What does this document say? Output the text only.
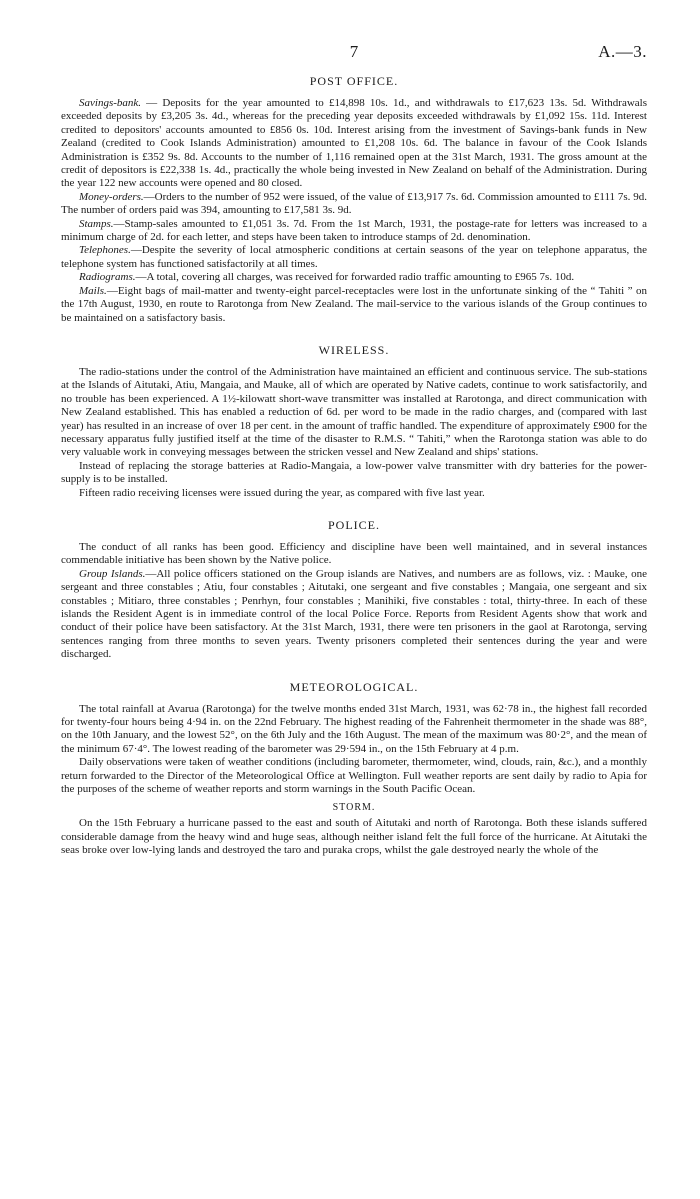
7	A.—3.
POST OFFICE.

Savings-bank. — Deposits for the year amounted to £14,898 10s. 1d., and withdrawals to £17,623 13s. 5d. Withdrawals exceeded deposits by £3,205 3s. 4d., whereas for the preceding year deposits exceeded withdrawals by £1,092 15s. 11d. Interest credited to depositors' accounts amounted to £856 0s. 10d. Interest arising from the investment of Savings-bank funds in New Zealand (credited to Cook Islands Administration) amounted to £1,208 10s. 6d. The balance in favour of the Cook Islands Administration is £352 9s. 8d. Accounts to the number of 1,116 remained open at the 31st March, 1931. The gross amount at the credit of depositors is £22,338 1s. 4d., practically the whole being invested in New Zealand on behalf of the Administration. During the year 122 new accounts were opened and 80 closed.

Money-orders.—Orders to the number of 952 were issued, of the value of £13,917 7s. 6d. Commission amounted to £111 7s. 9d. The number of orders paid was 394, amounting to £17,581 3s. 9d.

Stamps.—Stamp-sales amounted to £1,051 3s. 7d. From the 1st March, 1931, the postage-rate for letters was increased to a minimum charge of 2d. for each letter, and steps have been taken to introduce stamps of 2d. denomination.

Telephones.—Despite the severity of local atmospheric conditions at certain seasons of the year on telephone apparatus, the telephone system has functioned satisfactorily at all times.

Radiograms.—A total, covering all charges, was received for forwarded radio traffic amounting to £965 7s. 10d.

Mails.—Eight bags of mail-matter and twenty-eight parcel-receptacles were lost in the unfortunate sinking of the “ Tahiti ” on the 17th August, 1930, en route to Rarotonga from New Zealand. The mail-service to the various islands of the Group continues to be maintained on a satisfactory basis.

WIRELESS.

The radio-stations under the control of the Administration have maintained an efficient and continuous service. The sub-stations at the Islands of Aitutaki, Atiu, Mangaia, and Mauke, all of which are operated by Native cadets, continue to work satisfactorily, and no trouble has been experienced. A 1½-kilowatt short-wave transmitter was installed at Rarotonga, and direct communication with New Zealand established. This has enabled a reduction of 6d. per word to be made in the radio charges, and (compared with last year) has resulted in an increase of over 18 per cent. in the amount of traffic handled. The expenditure of approximately £900 for the necessary apparatus fully justified itself at the time of the disaster to R.M.S. “ Tahiti,” when the Rarotonga station was able to do very valuable work in conveying messages between the stricken vessel and New Zealand and ships' stations.

Instead of replacing the storage batteries at Radio-Mangaia, a low-power valve transmitter with dry batteries for the power-supply is to be installed.

Fifteen radio receiving licenses were issued during the year, as compared with five last year.

POLICE.

The conduct of all ranks has been good. Efficiency and discipline have been well maintained, and in several instances commendable initiative has been shown by the Native police.

Group Islands.—All police officers stationed on the Group islands are Natives, and numbers are as follows, viz. : Mauke, one sergeant and three constables ; Atiu, four constables ; Aitutaki, one sergeant and five constables ; Mangaia, one sergeant and six constables ; Mitiaro, three constables ; Penrhyn, four constables ; Manihiki, five constables : total, thirty-three. In each of these islands the Resident Agent is in immediate control of the local Police Force. Reports from Resident Agents show that work and conduct of their police have been satisfactory. At the 31st March, 1931, there were ten prisoners in the gaol at Rarotonga, serving sentences ranging from three months to seven years. Twenty prisoners completed their sentences during the year and were discharged.

METEOROLOGICAL.

The total rainfall at Avarua (Rarotonga) for the twelve months ended 31st March, 1931, was 62·78 in., the highest fall recorded for twenty-four hours being 4·94 in. on the 22nd February. The highest reading of the Fahrenheit thermometer in the shade was 88°, on the 10th January, and the lowest 52°, on the 6th July and the 16th August. The mean of the maximum was 80·2°, and the mean of the minimum 67·4°. The lowest reading of the barometer was 29·594 in., on the 15th February at 4 p.m.

Daily observations were taken of weather conditions (including barometer, thermometer, wind, clouds, rain, &c.), and a monthly return forwarded to the Director of the Meteorological Office at Wellington. Full weather reports are sent daily by radio to Apia for the purposes of the scheme of weather reports and storm warnings in the South Pacific Ocean.

STORM.

On the 15th February a hurricane passed to the east and south of Aitutaki and north of Rarotonga. Both these islands suffered considerable damage from the heavy wind and huge seas, although neither island felt the full force of the hurricane. At Aitutaki the seas broke over low-lying lands and destroyed the taro and puraka crops, whilst the gale destroyed nearly the whole of the
